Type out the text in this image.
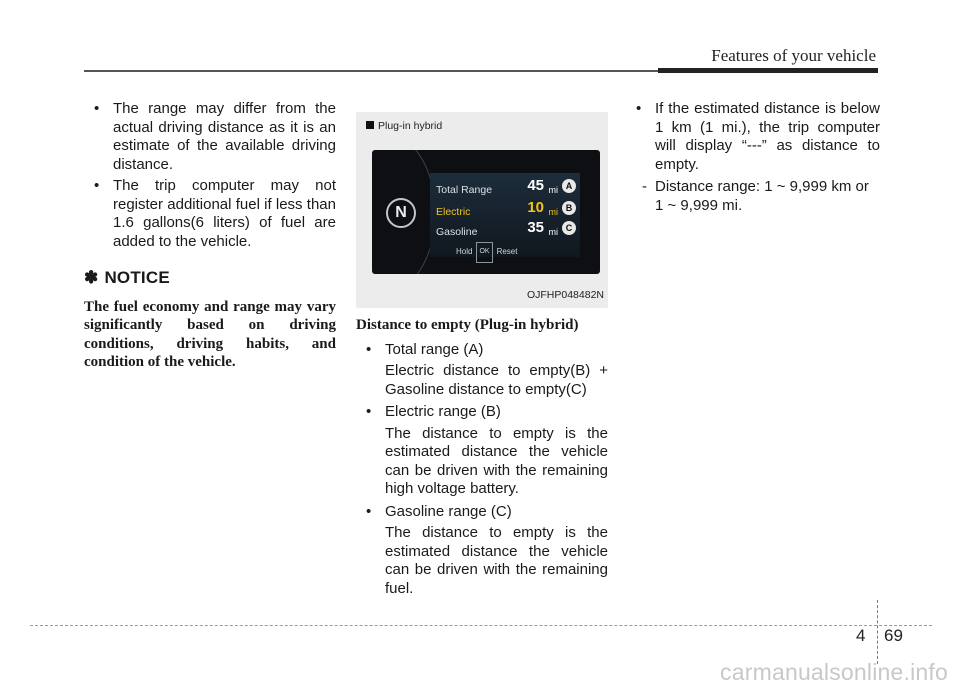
Features of your vehicle
• The range may differ from the actual driving distance as it is an estimate of the available driving distance.
• The trip computer may not register additional fuel if less than 1.6 gallons(6 liters) of fuel are added to the vehicle.
✽ NOTICE
The fuel economy and range may vary significantly based on driving conditions, driving habits, and condition of the vehicle.
Plug-in hybrid
N
Total Range 45 mi A
Electric	10 mi B
Gasoline	35 mi C
Hold	OK Reset
OJFHP048482N
Distance to empty (Plug-in hybrid)
• Total range (A)
Electric distance to empty(B) + Gasoline distance to empty(C)
• Electric range (B)
The distance to empty is the estimated distance the vehicle can be driven with the remaining high voltage battery.
• Gasoline range (C)
The distance to empty is the estimated distance the vehicle can be driven with the remaining fuel.
• If the estimated distance is below 1 km (1 mi.), the trip computer will display “---” as distance to empty.
- Distance range: 1 ~ 9,999 km or 1 ~ 9,999 mi.
4 69
carmanualsonline.info
